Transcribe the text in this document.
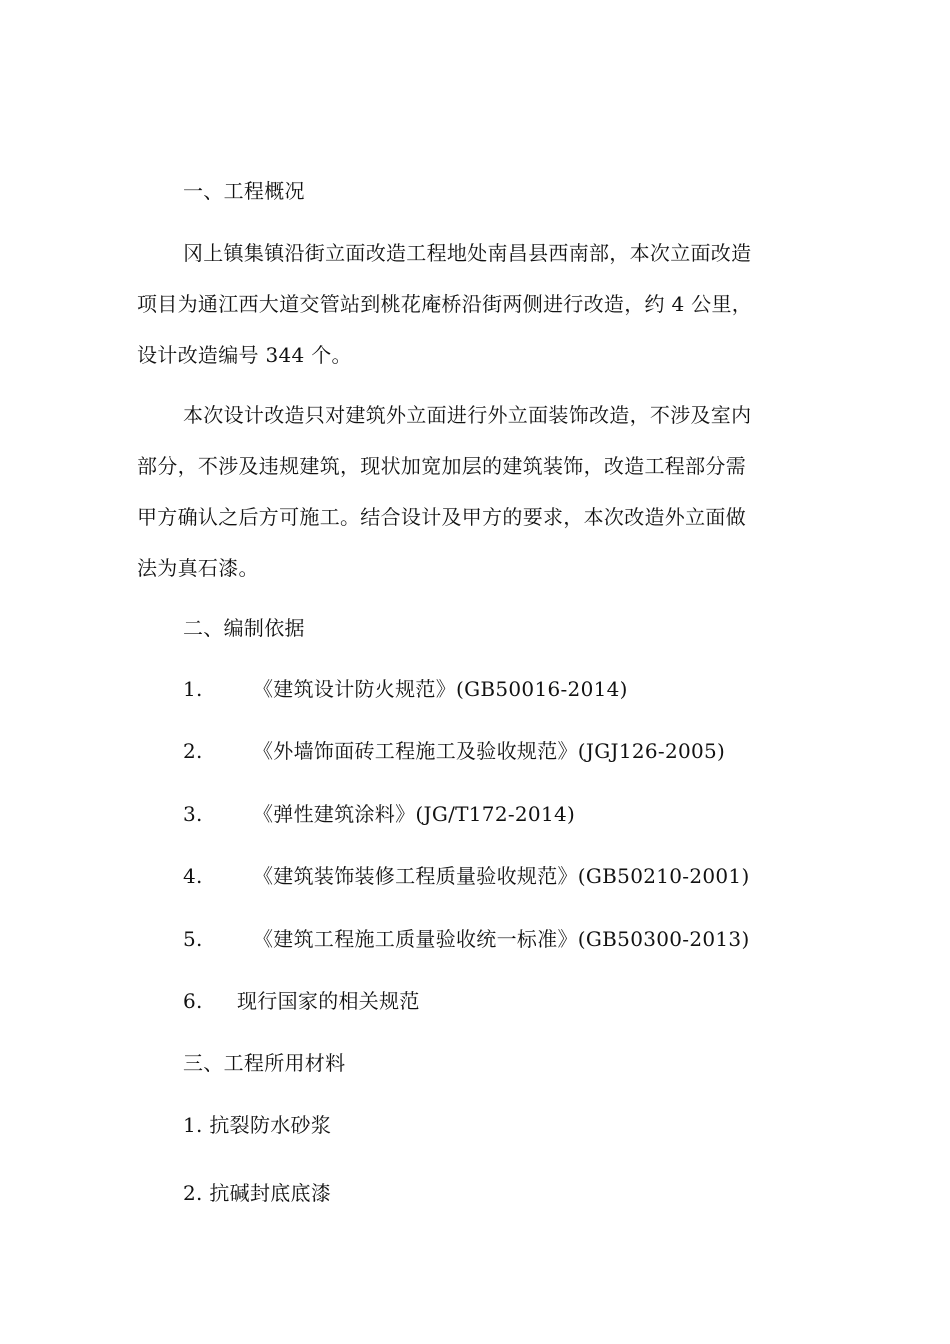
一、工程概况
冈上镇集镇沿街立面改造工程地处南昌县西南部，本次立面改造
项目为通江西大道交管站到桃花庵桥沿街两侧进行改造，约 4 公里，
设计改造编号 344 个。
本次设计改造只对建筑外立面进行外立面装饰改造，不涉及室内
部分，不涉及违规建筑，现状加宽加层的建筑装饰，改造工程部分需
甲方确认之后方可施工。结合设计及甲方的要求，本次改造外立面做
法为真石漆。
二、编制依据
1.	《建筑设计防火规范》(GB50016-2014)
2.	《外墙饰面砖工程施工及验收规范》(JGJ126-2005)
3.	《弹性建筑涂料》(JG/T172-2014)
4.	《建筑装饰装修工程质量验收规范》(GB50210-2001)
5.	《建筑工程施工质量验收统一标准》(GB50300-2013)
6. 现行国家的相关规范
三、工程所用材料
1. 抗裂防水砂浆
2. 抗碱封底底漆
